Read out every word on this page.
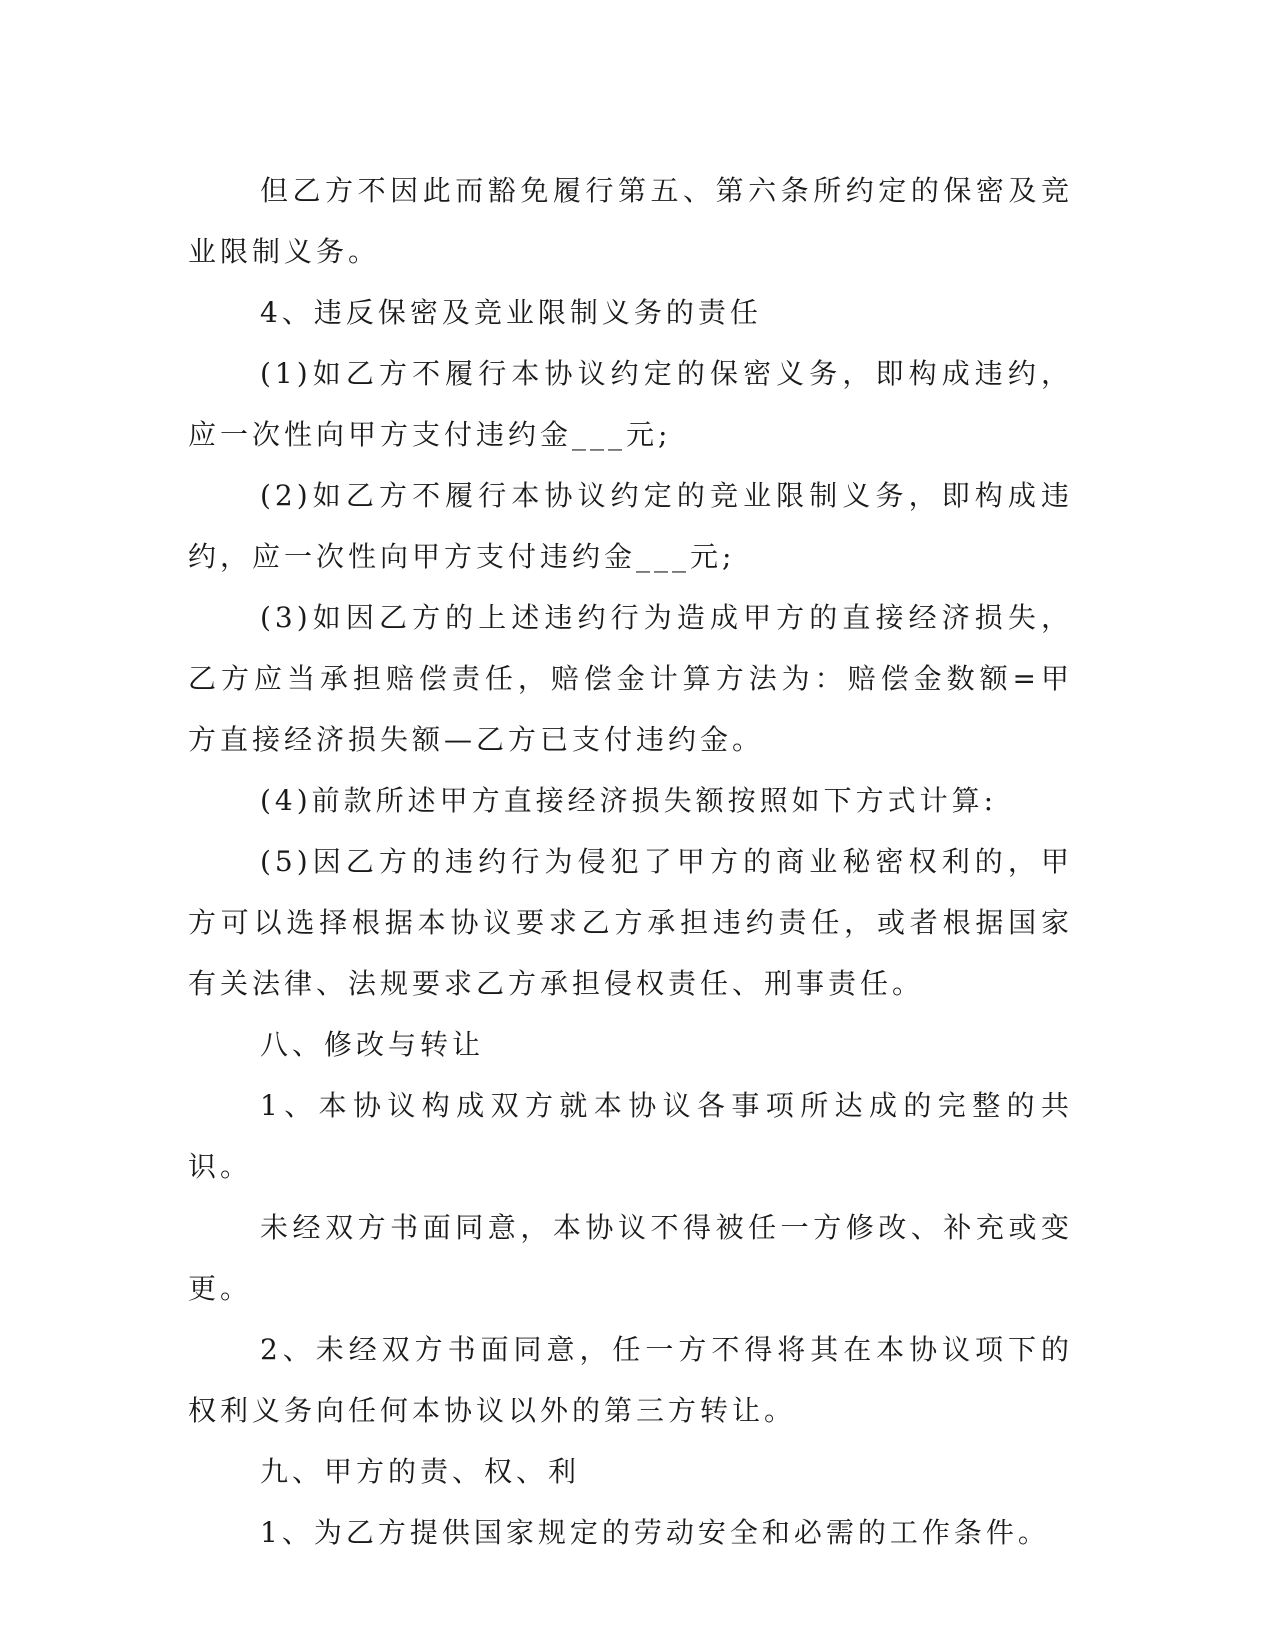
但乙方不因此而豁免履行第五、第六条所约定的保密及竞业限制义务。

4、违反保密及竞业限制义务的责任

(1)如乙方不履行本协议约定的保密义务，即构成违约，应一次性向甲方支付违约金___元;

(2)如乙方不履行本协议约定的竞业限制义务，即构成违约，应一次性向甲方支付违约金___元;

(3)如因乙方的上述违约行为造成甲方的直接经济损失，乙方应当承担赔偿责任，赔偿金计算方法为：赔偿金数额=甲方直接经济损失额—乙方已支付违约金。

(4)前款所述甲方直接经济损失额按照如下方式计算:

(5)因乙方的违约行为侵犯了甲方的商业秘密权利的，甲方可以选择根据本协议要求乙方承担违约责任，或者根据国家有关法律、法规要求乙方承担侵权责任、刑事责任。

八、修改与转让

1、本协议构成双方就本协议各事项所达成的完整的共识。

未经双方书面同意，本协议不得被任一方修改、补充或变更。

2、未经双方书面同意，任一方不得将其在本协议项下的权利义务向任何本协议以外的第三方转让。

九、甲方的责、权、利

1、为乙方提供国家规定的劳动安全和必需的工作条件。
